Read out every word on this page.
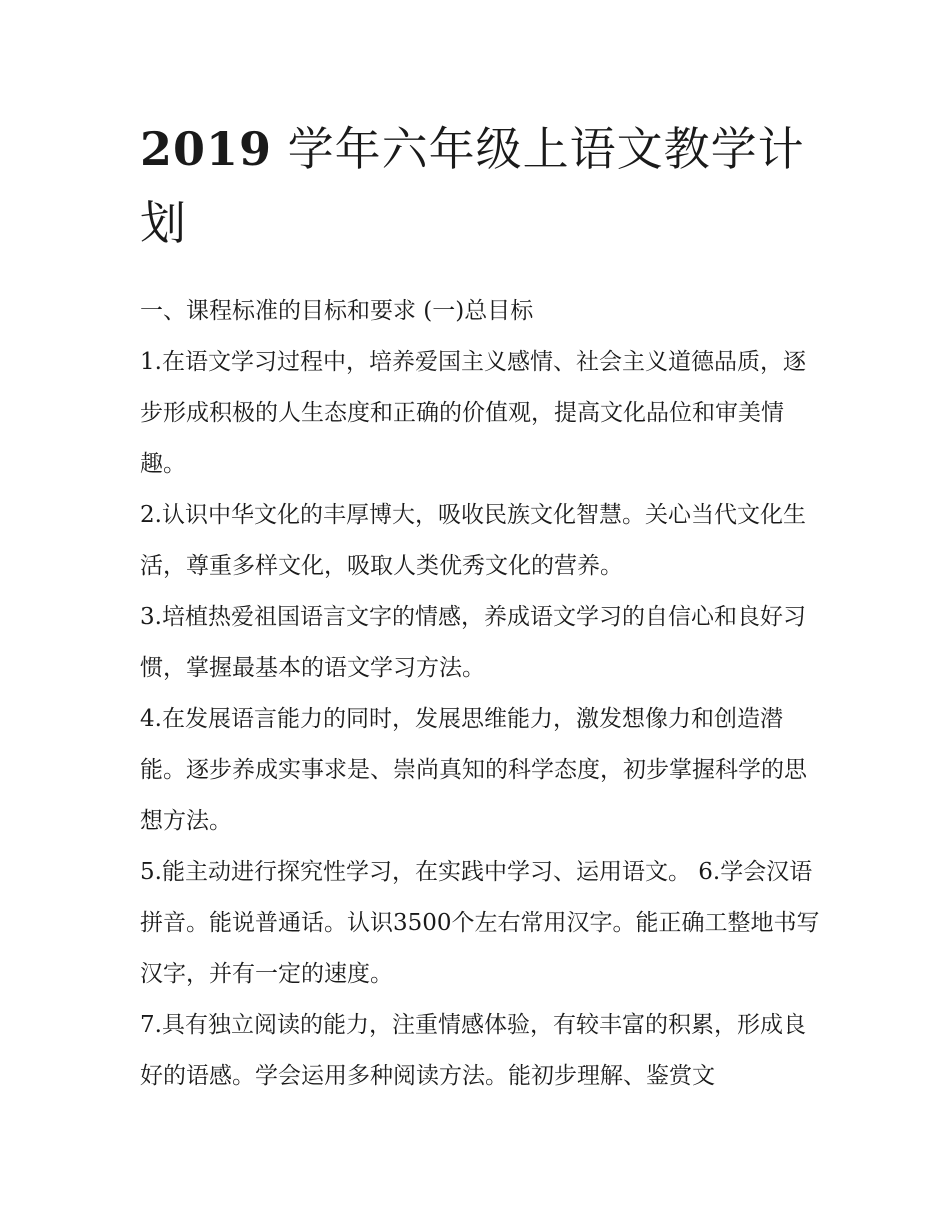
2019 学年六年级上语文教学计划

一、课程标准的目标和要求 (一)总目标

1.在语文学习过程中，培养爱国主义感情、社会主义道德品质，逐步形成积极的人生态度和正确的价值观，提高文化品位和审美情趣。

2.认识中华文化的丰厚博大，吸收民族文化智慧。关心当代文化生活，尊重多样文化，吸取人类优秀文化的营养。

3.培植热爱祖国语言文字的情感，养成语文学习的自信心和良好习惯，掌握最基本的语文学习方法。

4.在发展语言能力的同时，发展思维能力，激发想像力和创造潜能。逐步养成实事求是、崇尚真知的科学态度，初步掌握科学的思想方法。

5.能主动进行探究性学习，在实践中学习、运用语文。 6.学会汉语拼音。能说普通话。认识3500个左右常用汉字。能正确工整地书写汉字，并有一定的速度。

7.具有独立阅读的能力，注重情感体验，有较丰富的积累，形成良好的语感。学会运用多种阅读方法。能初步理解、鉴赏文
